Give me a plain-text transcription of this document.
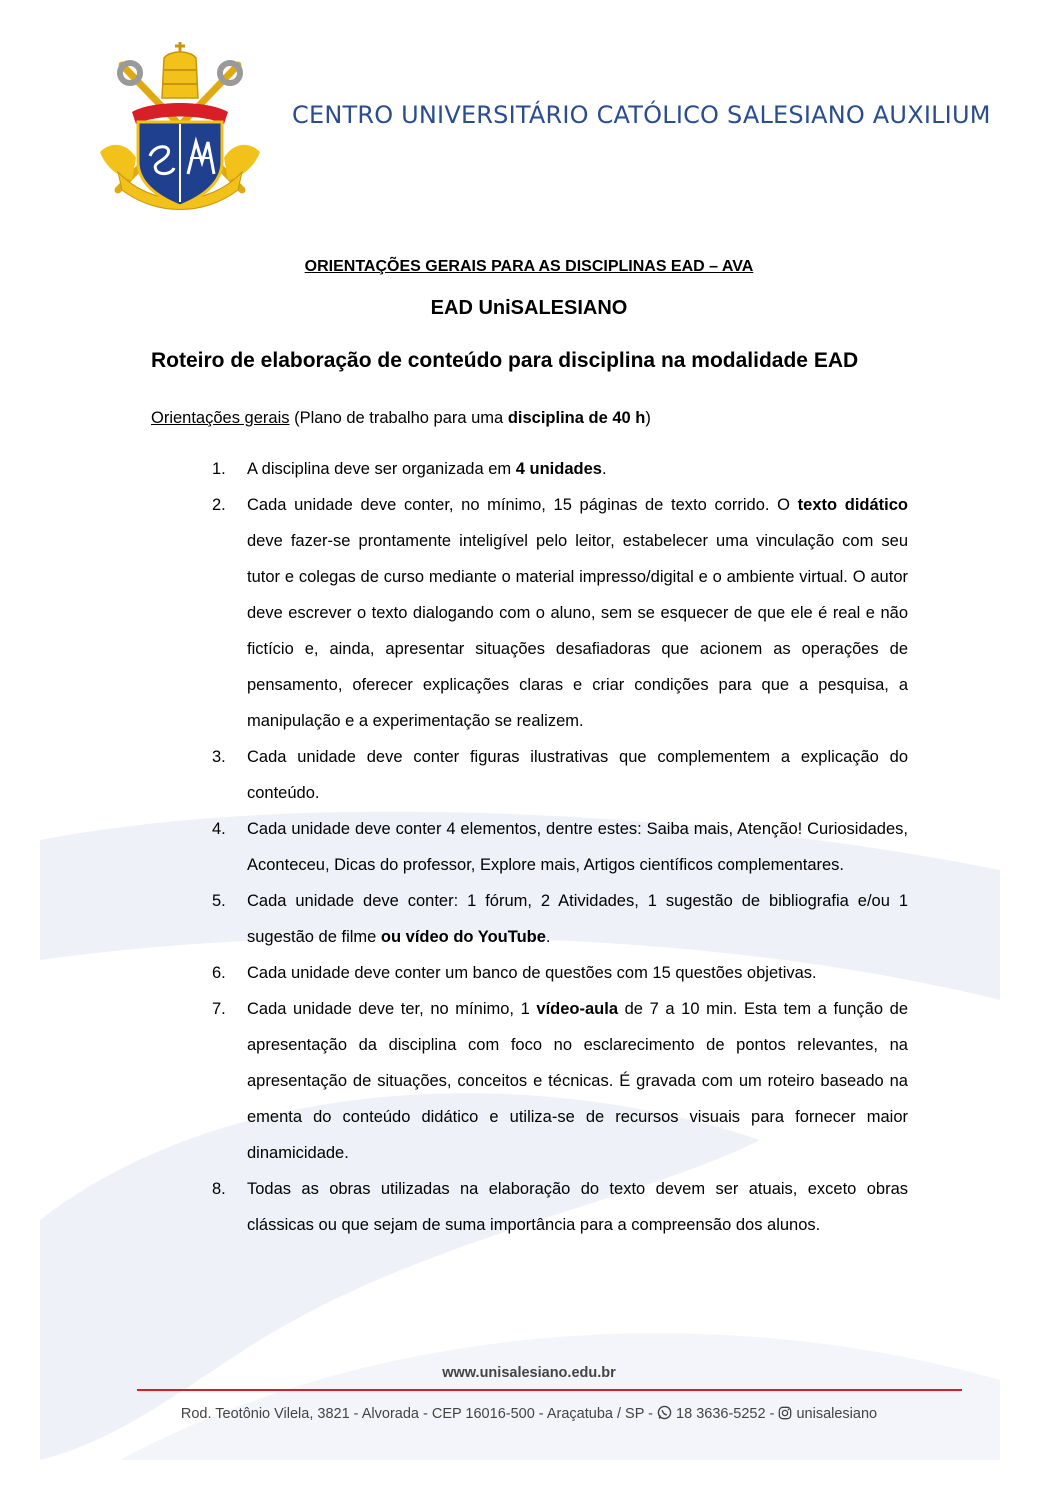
CENTRO UNIVERSITÁRIO CATÓLICO SALESIANO AUXILIUM
ORIENTAÇÕES GERAIS PARA AS DISCIPLINAS EAD – AVA
EAD UniSALESIANO
Roteiro de elaboração de conteúdo para disciplina na modalidade EAD
Orientações gerais (Plano de trabalho para uma disciplina de 40 h)
1. A disciplina deve ser organizada em 4 unidades.
2. Cada unidade deve conter, no mínimo, 15 páginas de texto corrido. O texto didático deve fazer-se prontamente inteligível pelo leitor, estabelecer uma vinculação com seu tutor e colegas de curso mediante o material impresso/digital e o ambiente virtual. O autor deve escrever o texto dialogando com o aluno, sem se esquecer de que ele é real e não fictício e, ainda, apresentar situações desafiadoras que acionem as operações de pensamento, oferecer explicações claras e criar condições para que a pesquisa, a manipulação e a experimentação se realizem.
3. Cada unidade deve conter figuras ilustrativas que complementem a explicação do conteúdo.
4. Cada unidade deve conter 4 elementos, dentre estes: Saiba mais, Atenção! Curiosidades, Aconteceu, Dicas do professor, Explore mais, Artigos científicos complementares.
5. Cada unidade deve conter: 1 fórum, 2 Atividades, 1 sugestão de bibliografia e/ou 1 sugestão de filme ou vídeo do YouTube.
6. Cada unidade deve conter um banco de questões com 15 questões objetivas.
7. Cada unidade deve ter, no mínimo, 1 vídeo-aula de 7 a 10 min. Esta tem a função de apresentação da disciplina com foco no esclarecimento de pontos relevantes, na apresentação de situações, conceitos e técnicas. É gravada com um roteiro baseado na ementa do conteúdo didático e utiliza-se de recursos visuais para fornecer maior dinamicidade.
8. Todas as obras utilizadas na elaboração do texto devem ser atuais, exceto obras clássicas ou que sejam de suma importância para a compreensão dos alunos.
www.unisalesiano.edu.br
Rod. Teotônio Vilela, 3821 - Alvorada - CEP 16016-500 - Araçatuba / SP -  18 3636-5252 -  unisalesiano
